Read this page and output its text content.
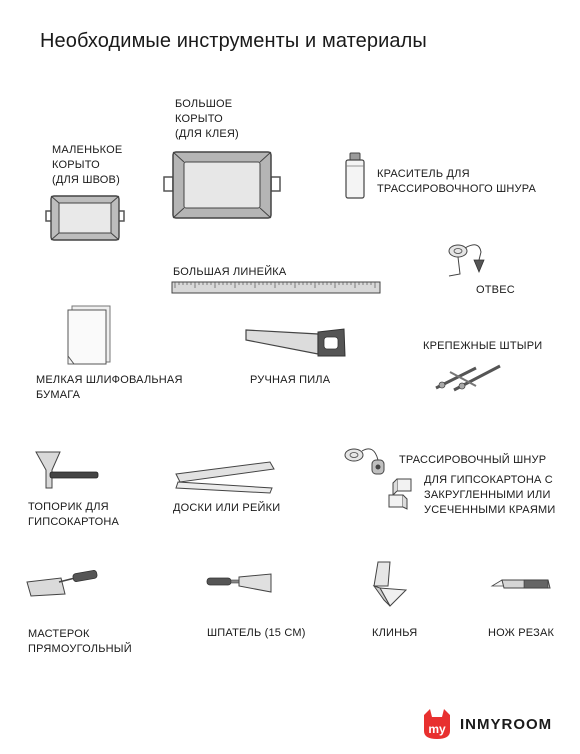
Необходимые инструменты и материалы
МАЛЕНЬКОЕ
КОРЫТО
(ДЛЯ ШВОВ)
БОЛЬШОЕ
КОРЫТО
(ДЛЯ КЛЕЯ)
КРАСИТЕЛЬ ДЛЯ
ТРАССИРОВОЧНОГО ШНУРА
БОЛЬШАЯ ЛИНЕЙКА
ОТВЕС
МЕЛКАЯ ШЛИФОВАЛЬНАЯ
БУМАГА
РУЧНАЯ ПИЛА
КРЕПЕЖНЫЕ ШТЫРИ
ТОПОРИК ДЛЯ
ГИПСОКАРТОНА
ДОСКИ ИЛИ РЕЙКИ
ТРАССИРОВОЧНЫЙ ШНУР
ДЛЯ ГИПСОКАРТОНА С
ЗАКРУГЛЕННЫМИ ИЛИ
УСЕЧЕННЫМИ КРАЯМИ
МАСТЕРОК
ПРЯМОУГОЛЬНЫЙ
ШПАТЕЛЬ (15 СМ)	КЛИНЬЯ	НОЖ РЕЗАК
my INMYROOM
